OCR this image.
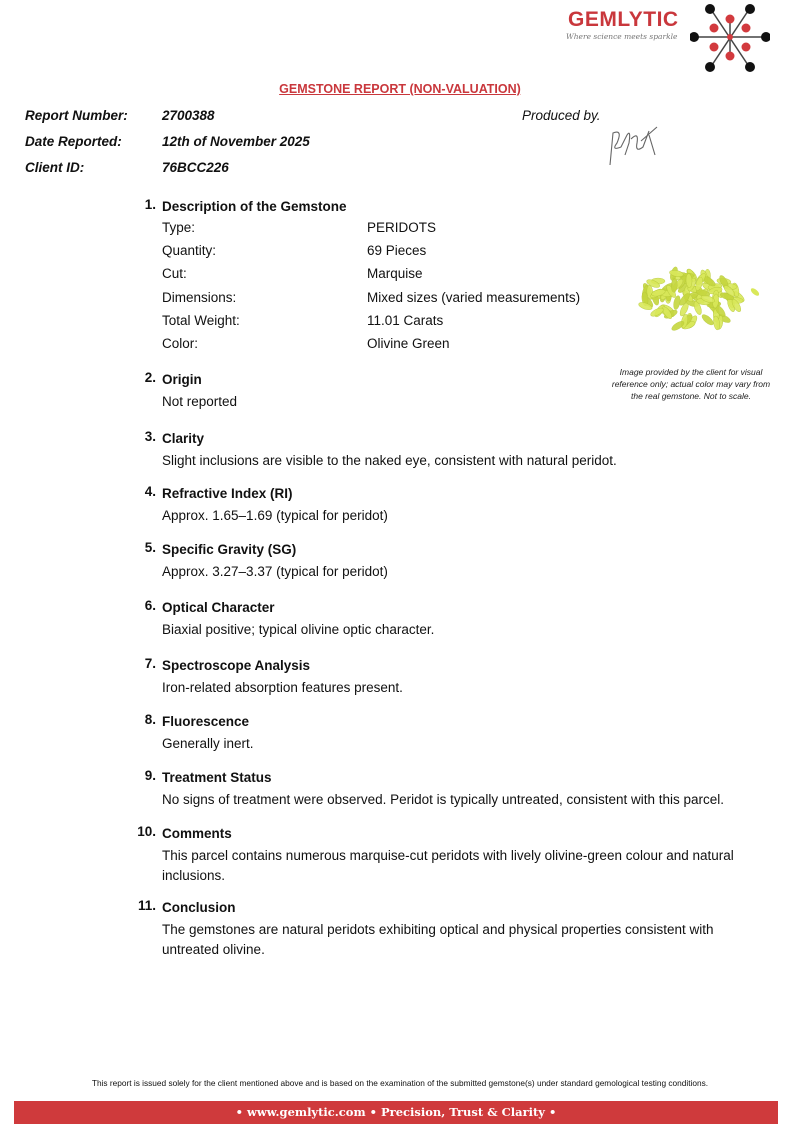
GEMLYTIC
Where science meets sparkle
GEMSTONE REPORT (NON-VALUATION)
Report Number:	2700388
Date Reported:	12th of November 2025
Client ID:	76BCC226
Produced by.
1. Description of the Gemstone
Type:	PERIDOTS
Quantity:	69 Pieces
Cut:	Marquise
Dimensions:	Mixed sizes (varied measurements)
Total Weight:	11.01 Carats
Color:	Olivine Green
Image provided by the client for visual reference only; actual color may vary from the real gemstone. Not to scale.
2. Origin
Not reported
3. Clarity
Slight inclusions are visible to the naked eye, consistent with natural peridot.
4. Refractive Index (RI)
Approx. 1.65–1.69 (typical for peridot)
5. Specific Gravity (SG)
Approx. 3.27–3.37 (typical for peridot)
6. Optical Character
Biaxial positive; typical olivine optic character.
7. Spectroscope Analysis
Iron-related absorption features present.
8. Fluorescence
Generally inert.
9. Treatment Status
No signs of treatment were observed. Peridot is typically untreated, consistent with this parcel.
10. Comments
This parcel contains numerous marquise-cut peridots with lively olivine-green colour and natural inclusions.
11. Conclusion
The gemstones are natural peridots exhibiting optical and physical properties consistent with untreated olivine.
This report is issued solely for the client mentioned above and is based on the examination of the submitted gemstone(s) under standard gemological testing conditions.
• www.gemlytic.com • Precision, Trust & Clarity •
